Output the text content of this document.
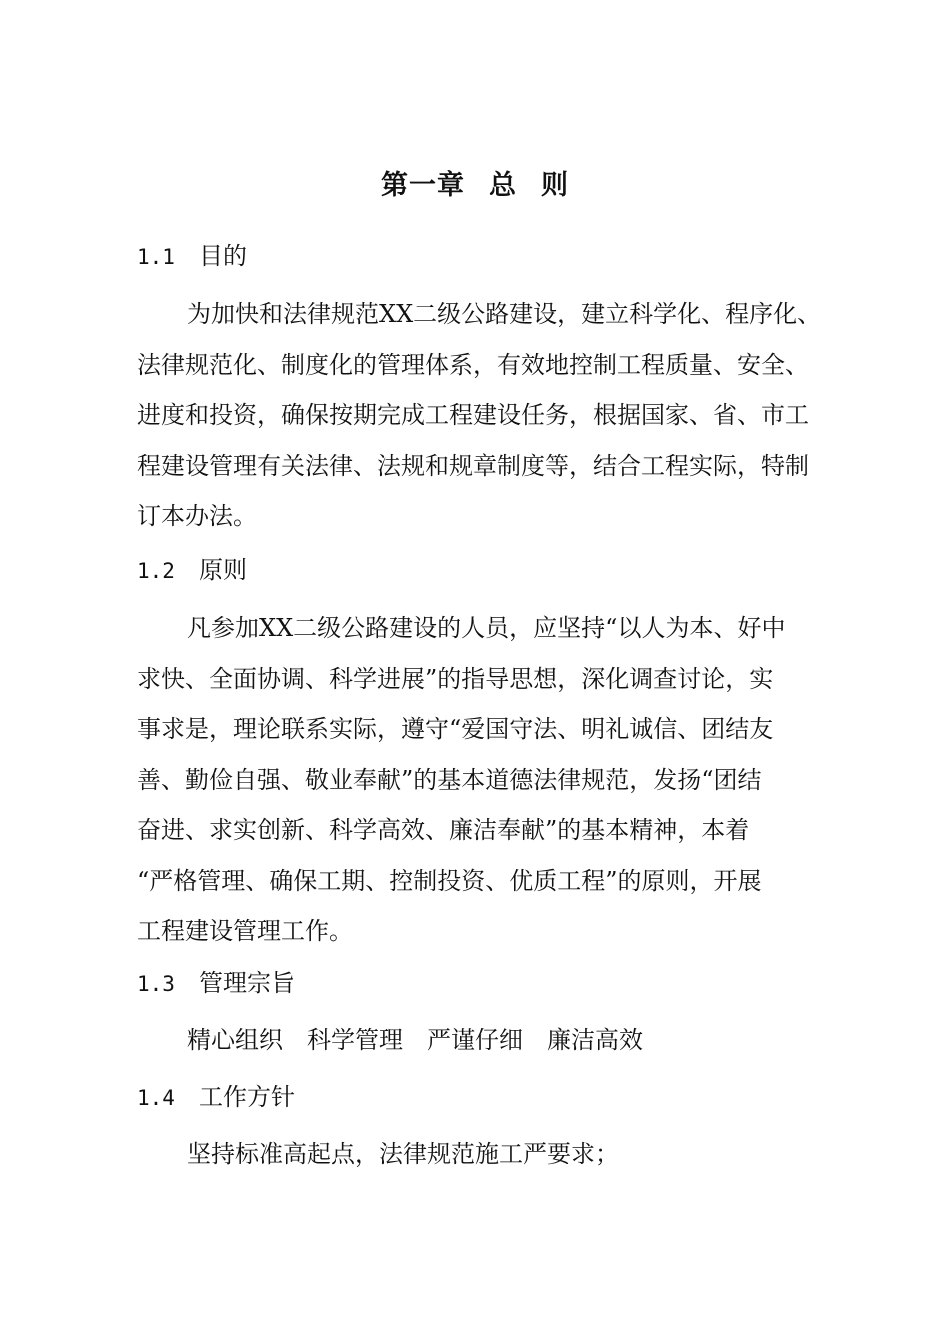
第一章 总 则
1.1 目的
为加快和法律规范XX二级公路建设，建立科学化、程序化、
法律规范化、制度化的管理体系，有效地控制工程质量、安全、
进度和投资，确保按期完成工程建设任务，根据国家、省、市工
程建设管理有关法律、法规和规章制度等，结合工程实际，特制
订本办法。
1.2 原则
凡参加XX二级公路建设的人员，应坚持“以人为本、好中
求快、全面协调、科学进展”的指导思想，深化调查讨论，实
事求是，理论联系实际，遵守“爱国守法、明礼诚信、团结友
善、勤俭自强、敬业奉献”的基本道德法律规范，发扬“团结
奋进、求实创新、科学高效、廉洁奉献”的基本精神，本着
“严格管理、确保工期、控制投资、优质工程”的原则，开展
工程建设管理工作。
1.3 管理宗旨
精心组织 科学管理 严谨仔细 廉洁高效
1.4 工作方针
坚持标准高起点，法律规范施工严要求；
